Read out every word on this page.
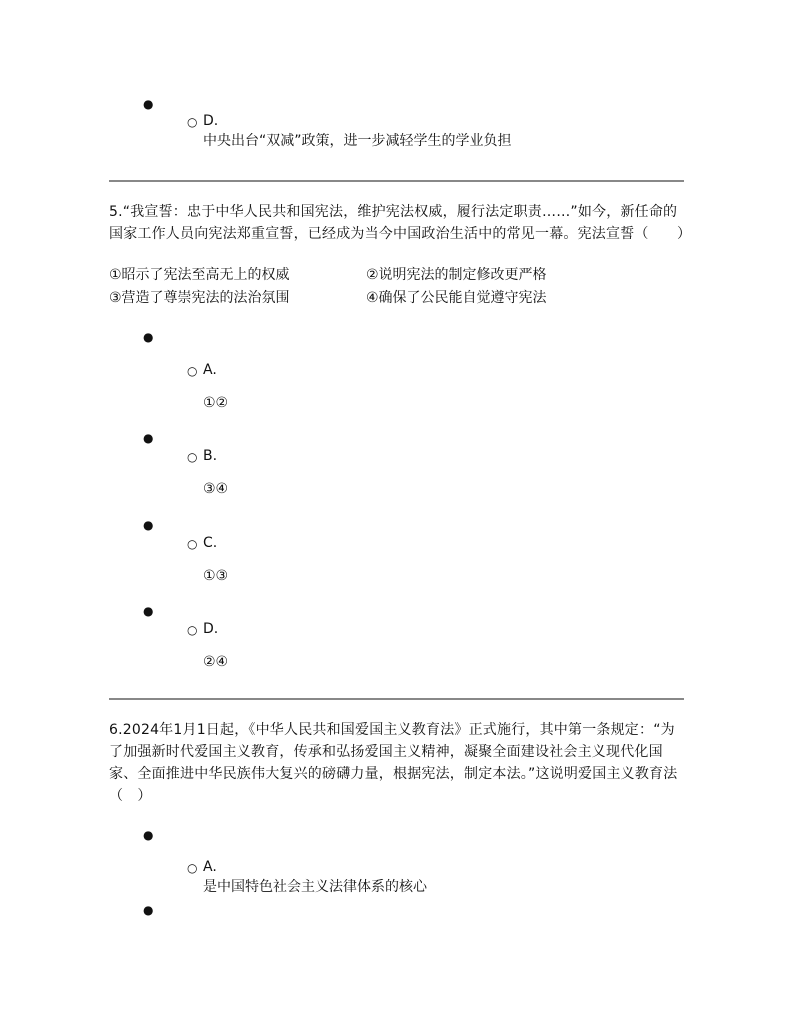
●
○ D.
中央出台“双减”政策，进一步减轻学生的学业负担
5.“我宣誓：忠于中华人民共和国宪法，维护宪法权威，履行法定职责……”如今，新任命的国家工作人员向宪法郑重宣誓，已经成为当今中国政治生活中的常见一幕。宪法宣誓（　　）
①昭示了宪法至高无上的权威	②说明宪法的制定修改更严格
③营造了尊崇宪法的法治氛围	④确保了公民能自觉遵守宪法
●
○ A.
①②
●
○ B.
③④
●
○ C.
①③
●
○ D.
②④
6.2024年1月1日起，《中华人民共和国爱国主义教育法》正式施行，其中第一条规定：“为了加强新时代爱国主义教育，传承和弘扬爱国主义精神，凝聚全面建设社会主义现代化国家、全面推进中华民族伟大复兴的磅礴力量，根据宪法，制定本法。”这说明爱国主义教育法（　）
●
○ A.
是中国特色社会主义法律体系的核心
●
